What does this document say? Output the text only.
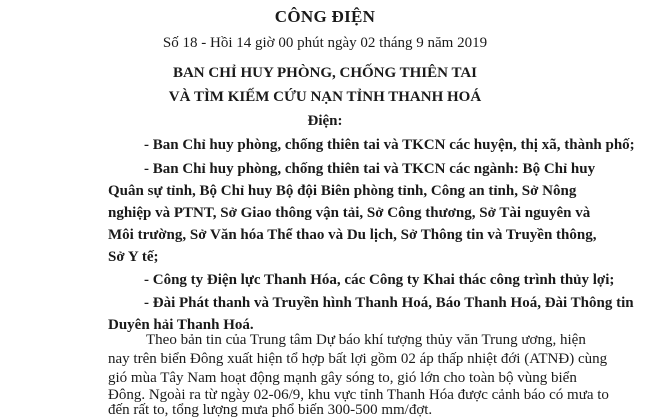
CÔNG ĐIỆN
Số 18 - Hồi 14 giờ 00 phút ngày 02 tháng 9 năm 2019
BAN CHỈ HUY PHÒNG, CHỐNG THIÊN TAI
VÀ TÌM KIẾM CỨU NẠN TỈNH THANH HOÁ
Điện:
- Ban Chỉ huy phòng, chống thiên tai và TKCN các huyện, thị xã, thành phố;
- Ban Chỉ huy phòng, chống thiên tai và TKCN các ngành: Bộ Chỉ huy
Quân sự tỉnh, Bộ Chỉ huy Bộ đội Biên phòng tỉnh, Công an tỉnh, Sở Nông
nghiệp và PTNT, Sở Giao thông vận tải, Sở Công thương, Sở Tài nguyên và
Môi trường, Sở Văn hóa Thể thao và Du lịch, Sở Thông tin và Truyền thông,
Sở Y tế;
- Công ty Điện lực Thanh Hóa, các Công ty Khai thác công trình thủy lợi;
- Đài Phát thanh và Truyền hình Thanh Hoá, Báo Thanh Hoá, Đài Thông tin
Duyên hải Thanh Hoá.
Theo bản tin của Trung tâm Dự báo khí tượng thủy văn Trung ương, hiện
nay trên biển Đông xuất hiện tổ hợp bất lợi gồm 02 áp thấp nhiệt đới (ATNĐ) cùng
gió mùa Tây Nam hoạt động mạnh gây sóng to, gió lớn cho toàn bộ vùng biển
Đông. Ngoài ra từ ngày 02-06/9, khu vực tỉnh Thanh Hóa được cảnh báo có mưa to
đến rất to, tổng lượng mưa phổ biến 300-500 mm/đợt.
